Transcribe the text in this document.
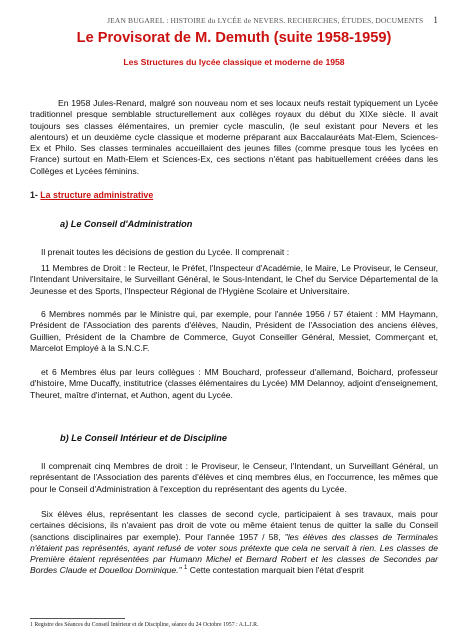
JEAN BUGAREL : HISTOIRE du LYCÉE de NEVERS. RECHERCHES, ÉTUDES, DOCUMENTS 1
Le Provisorat de M. Demuth (suite 1958-1959)
Les Structures du lycée classique et moderne de 1958
En 1958 Jules-Renard, malgré son nouveau nom et ses locaux neufs restait typiquement un Lycée traditionnel presque semblable structurellement aux collèges royaux du début du XIXe siècle. Il avait toujours ses classes élémentaires, un premier cycle masculin, (le seul existant pour Nevers et les alentours) et un deuxième cycle classique et moderne préparant aux Baccalauréats Mat-Elem, Sciences-Ex et Philo. Ses classes terminales accueillaient des jeunes filles (comme presque tous les lycées en France) surtout en Math-Elem et Sciences-Ex, ces sections n'étant pas habituellement créées dans les Collèges et Lycées féminins.
1- La structure administrative
a) Le Conseil d'Administration
Il prenait toutes les décisions de gestion du Lycée. Il comprenait :
11 Membres de Droit : le Recteur, le Préfet, l'Inspecteur d'Académie, le Maire, Le Proviseur, le Censeur, l'Intendant Universitaire, le Surveillant Général, le Sous-Intendant, le Chef du Service Départemental de la Jeunesse et des Sports, l'Inspecteur Régional de l'Hygiène Scolaire et Universitaire.
6 Membres nommés par le Ministre qui, par exemple, pour l'année 1956 / 57 étaient : MM Haymann, Président de l'Association des parents d'élèves, Naudin, Président de l'Association des anciens élèves, Guillien, Président de la Chambre de Commerce, Guyot Conseiller Général, Messiet, Commerçant et, Marcelot Employé à la S.N.C.F.
et 6 Membres élus par leurs collègues : MM Bouchard, professeur d'allemand, Boichard, professeur d'histoire, Mme Ducaffy, institutrice (classes élémentaires du Lycée) MM Delannoy, adjoint d'enseignement, Theuret, maître d'internat, et Authon, agent du Lycée.
b) Le Conseil Intérieur et de Discipline
Il comprenait cinq Membres de droit : le Proviseur, le Censeur, l'Intendant, un Surveillant Général, un représentant de l'Association des parents d'élèves et cinq membres élus, en l'occurrence, les mêmes que pour le Conseil d'Administration à l'exception du représentant des agents du Lycée.
Six élèves élus, représentant les classes de second cycle, participaient à ses travaux, mais pour certaines décisions, ils n'avaient pas droit de vote ou même étaient tenus de quitter la salle du Conseil (sanctions disciplinaires par exemple). Pour l'année 1957 / 58, "les élèves des classes de Terminales n'étaient pas représentés, ayant refusé de voter sous prétexte que cela ne servait à rien. Les classes de Première étaient représentées par Humann Michel et Bernard Robert et les classes de Secondes par Bordes Claude et Douellou Dominique." $^1$ Cette contestation marquait bien l'état d'esprit
1 Registre des Séances du Conseil Intérieur et de Discipline, séance du 24 Octobre 1957 : A.L.J.R.
